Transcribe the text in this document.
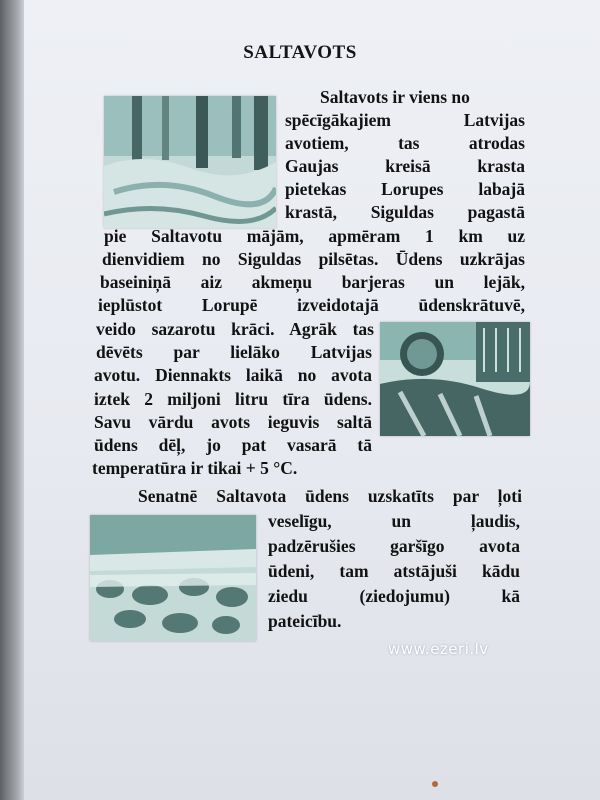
SALTAVOTS
Saltavots ir viens no
spēcīgākajiem Latvijas
avotiem, tas atrodas
Gaujas kreisā krasta
pietekas Lorupes labajā
krastā, Siguldas pagastā
pie Saltavotu mājām, apmēram 1 km uz
dienvidiem no Siguldas pilsētas. Ūdens uzkrājas
baseiniņā aiz akmeņu barjeras un lejāk,
ieplūstot Lorupē izveidotajā ūdenskrātuvē,
veido sazarotu krāci. Agrāk tas
dēvēts par lielāko Latvijas
avotu. Diennakts laikā no avota
iztek 2 miljoni litru tīra ūdens.
Savu vārdu avots ieguvis saltā
ūdens dēļ, jo pat vasarā tā
temperatūra ir tikai + 5 °C.
Senatnē Saltavota ūdens uzskatīts par ļoti
veselīgu, un ļaudis,
padzērušies garšīgo avota
ūdeni, tam atstājuši kādu
ziedu (ziedojumu) kā
pateicību.
www.ezeri.lv
